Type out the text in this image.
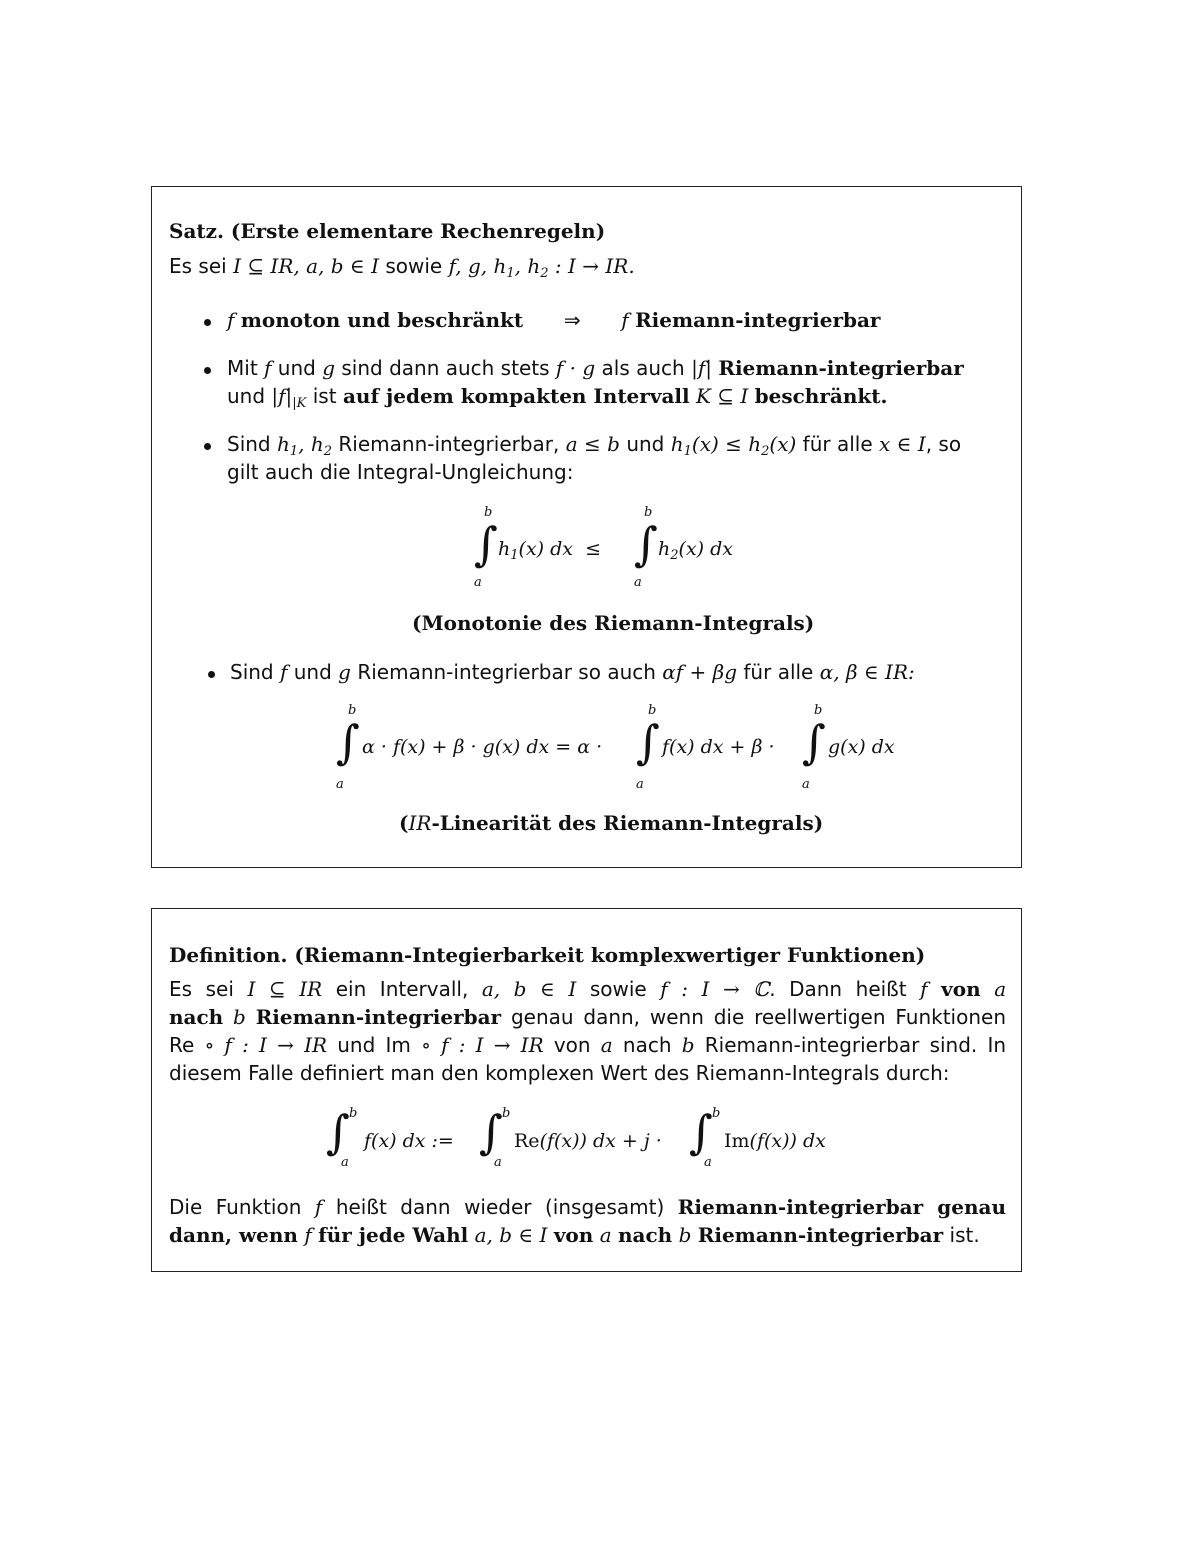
Satz. (Erste elementare Rechenregeln)
Es sei I ⊆ IR, a, b ∈ I sowie f, g, $h_1$, $h_2$ : I → IR.
f monoton und beschränkt ⇒ f Riemann-integrierbar
Mit f und g sind dann auch stets f · g als auch |f| Riemann-integrierbar
und $|f|_{|K}$ ist auf jedem kompakten Intervall K ⊆ I beschränkt.
Sind $h_1$, $h_2$ Riemann-integrierbar, a ≤ b und $h_1(x) \le h_2(x)$ für alle x ∈ I, so
gilt auch die Integral-Ungleichung:
b
∫
a
$h_1(x)$ dx  ≤
b
∫
a
$h_2(x)$ dx
(Monotonie des Riemann-Integrals)
Sind f und g Riemann-integrierbar so auch αf + βg für alle α, β ∈ IR:
b
∫
a
α · f(x) + β · g(x) dx = α ·
b
∫
a
f(x) dx + β ·
b
∫
a
g(x) dx
(IR-Linearität des Riemann-Integrals)
Definition. (Riemann-Integierbarkeit komplexwertiger Funktionen)
Es sei I ⊆ IR ein Intervall, a, b ∈ I sowie f : I → ℂ. Dann heißt f von a
nach b Riemann-integrierbar genau dann, wenn die reellwertigen Funktionen
Re ∘ f : I → IR und Im ∘ f : I → IR von a nach b Riemann-integrierbar sind. In
diesem Falle definiert man den komplexen Wert des Riemann-Integrals durch:
∫ b
a
f(x) dx := ∫ b
a
Re(f(x)) dx + j · ∫ b
a
Im(f(x)) dx
Die Funktion f heißt dann wieder (insgesamt) Riemann-integrierbar genau
dann, wenn f für jede Wahl a, b ∈ I von a nach b Riemann-integrierbar ist.
